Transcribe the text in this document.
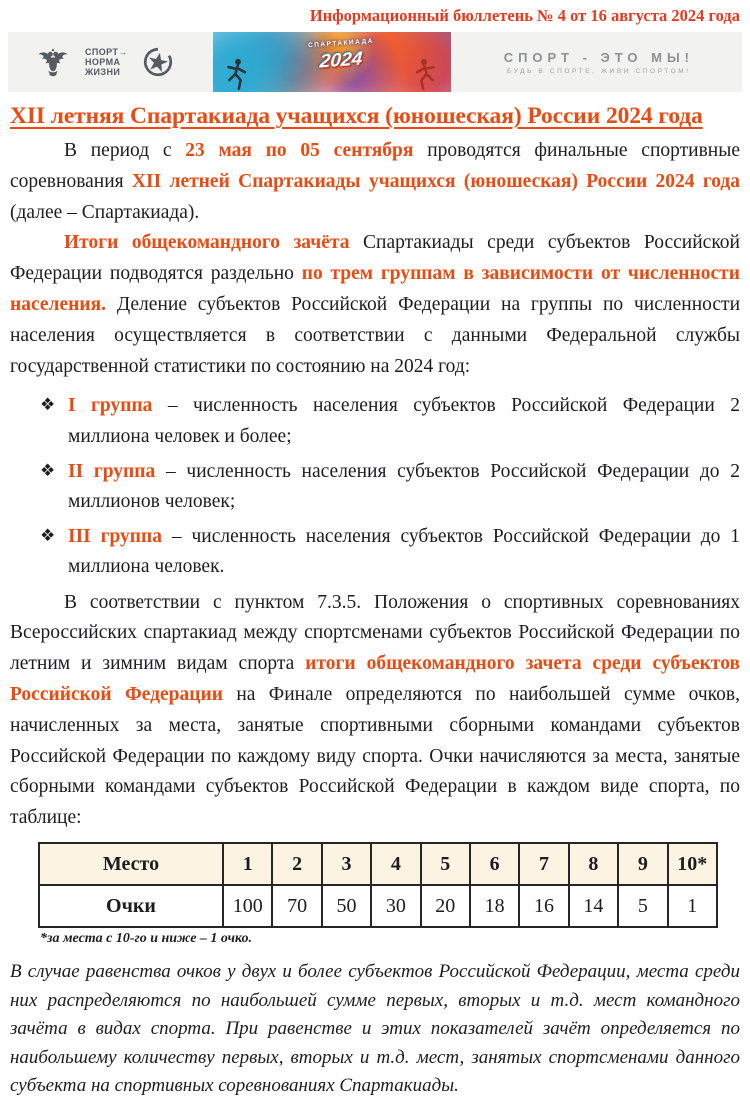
Информационный бюллетень № 4 от 16 августа 2024 года
СПОРТ→
НОРМА
ЖИЗНИ
СПАРТАКИАДА
2024	СПОРТ - ЭТО МЫ!
БУДЬ В СПОРТЕ, ЖИВИ СПОРТОМ!
XII летняя Спартакиада учащихся (юношеская) России 2024 года

В период с 23 мая по 05 сентября проводятся финальные спортивные соревнования XII летней Спартакиады учащихся (юношеская) России 2024 года (далее – Спартакиада).

Итоги общекомандного зачёта Спартакиады среди субъектов Российской Федерации подводятся раздельно по трем группам в зависимости от численности населения. Деление субъектов Российской Федерации на группы по численности населения осуществляется в соответствии с данными Федеральной службы государственной статистики по состоянию на 2024 год:

❖ I группа – численность населения субъектов Российской Федерации 2 миллиона человек и более;
❖ II группа – численность населения субъектов Российской Федерации до 2 миллионов человек;
❖ III группа – численность населения субъектов Российской Федерации до 1 миллиона человек.

В соответствии с пунктом 7.3.5. Положения о спортивных соревнованиях Всероссийских спартакиад между спортсменами субъектов Российской Федерации по летним и зимним видам спорта итоги общекомандного зачета среди субъектов Российской Федерации на Финале определяются по наибольшей сумме очков, начисленных за места, занятые спортивными сборными командами субъектов Российской Федерации по каждому виду спорта. Очки начисляются за места, занятые сборными командами субъектов Российской Федерации в каждом виде спорта, по таблице:

Место	1	2	3	4	5	6	7	8	9	10*
Очки	100	70	50	30	20	18	16	14	5	1
*за места с 10-го и ниже – 1 очко.

В случае равенства очков у двух и более субъектов Российской Федерации, места среди них распределяются по наибольшей сумме первых, вторых и т.д. мест командного зачёта в видах спорта. При равенстве и этих показателей зачёт определяется по наибольшему количеству первых, вторых и т.д. мест, занятых спортсменами данного субъекта на спортивных соревнованиях Спартакиады.
